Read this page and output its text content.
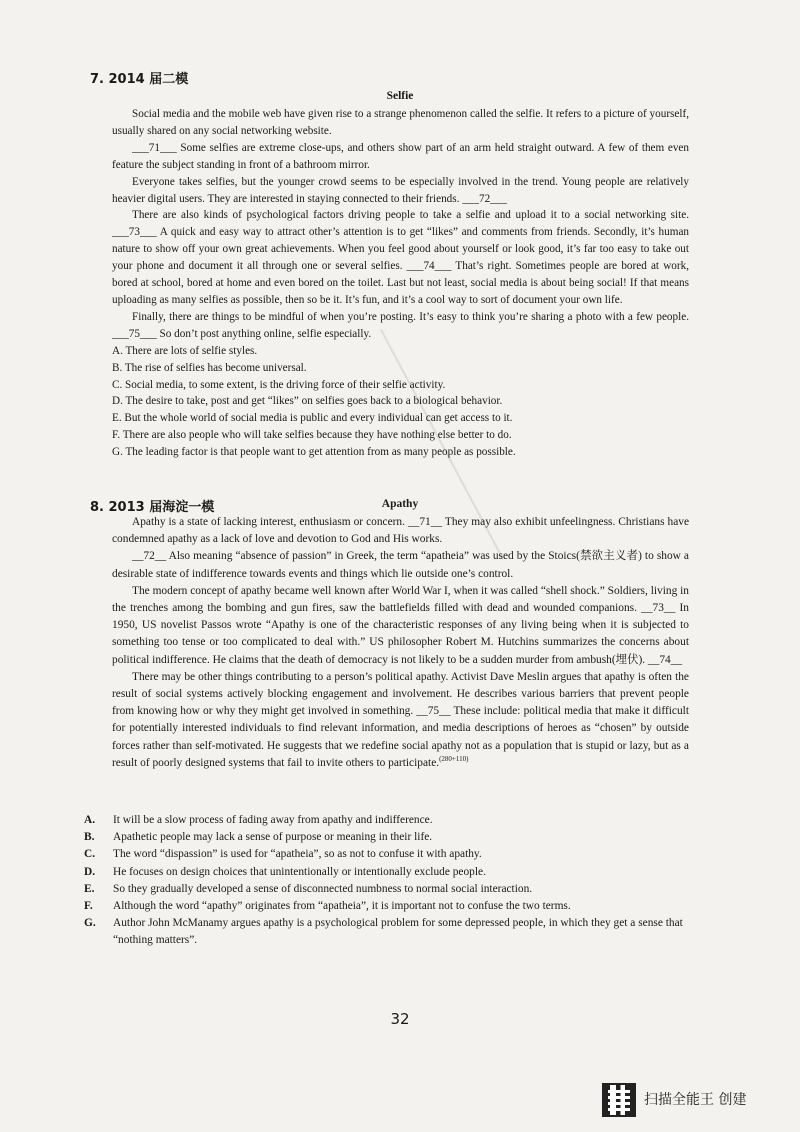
7. 2014 届二模
Selfie

Social media and the mobile web have given rise to a strange phenomenon called the selfie. It refers to a picture of yourself, usually shared on any social networking website.

___71___ Some selfies are extreme close-ups, and others show part of an arm held straight outward. A few of them even feature the subject standing in front of a bathroom mirror.

Everyone takes selfies, but the younger crowd seems to be especially involved in the trend. Young people are relatively heavier digital users. They are interested in staying connected to their friends. ___72___

There are also kinds of psychological factors driving people to take a selfie and upload it to a social networking site. ___73___ A quick and easy way to attract other’s attention is to get “likes” and comments from friends. Secondly, it’s human nature to show off your own great achievements. When you feel good about yourself or look good, it’s far too easy to take out your phone and document it all through one or several selfies. ___74___ That’s right. Sometimes people are bored at work, bored at school, bored at home and even bored on the toilet. Last but not least, social media is about being social! If that means uploading as many selfies as possible, then so be it. It’s fun, and it’s a cool way to sort of document your own life.

Finally, there are things to be mindful of when you’re posting. It’s easy to think you’re sharing a photo with a few people. ___75___ So don’t post anything online, selfie especially.

A. There are lots of selfie styles.

B. The rise of selfies has become universal.

C. Social media, to some extent, is the driving force of their selfie activity.

D. The desire to take, post and get “likes” on selfies goes back to a biological behavior.

E. But the whole world of social media is public and every individual can get access to it.

F. There are also people who will take selfies because they have nothing else better to do.

G. The leading factor is that people want to get attention from as many people as possible.

8. 2013 届海淀一模	Apathy

Apathy is a state of lacking interest, enthusiasm or concern. __71__ They may also exhibit unfeelingness. Christians have condemned apathy as a lack of love and devotion to God and His works.

__72__ Also meaning “absence of passion” in Greek, the term “apatheia” was used by the Stoics(禁欲主义者) to show a desirable state of indifference towards events and things which lie outside one’s control.

The modern concept of apathy became well known after World War I, when it was called “shell shock.” Soldiers, living in the trenches among the bombing and gun fires, saw the battlefields filled with dead and wounded companions. __73__ In 1950, US novelist Passos wrote “Apathy is one of the characteristic responses of any living being when it is subjected to something too tense or too complicated to deal with.” US philosopher Robert M. Hutchins summarizes the concerns about political indifference. He claims that the death of democracy is not likely to be a sudden murder from ambush(埋伏). __74__

There may be other things contributing to a person’s political apathy. Activist Dave Meslin argues that apathy is often the result of social systems actively blocking engagement and involvement. He describes various barriers that prevent people from knowing how or why they might get involved in something. __75__ These include: political media that make it difficult for potentially interested individuals to find relevant information, and media descriptions of heroes as “chosen” by outside forces rather than self-motivated. He suggests that we redefine social apathy not as a population that is stupid or lazy, but as a result of poorly designed systems that fail to invite others to participate.$^{(280+110)}$

A.	It will be a slow process of fading away from apathy and indifference.

B.	Apathetic people may lack a sense of purpose or meaning in their life.

C.	The word “dispassion” is used for “apatheia”, so as not to confuse it with apathy.

D.	He focuses on design choices that unintentionally or intentionally exclude people.

E.	So they gradually developed a sense of disconnected numbness to normal social interaction.

F.	Although the word “apathy” originates from “apatheia”, it is important not to confuse the two terms.

G.	Author John McManamy argues apathy is a psychological problem for some depressed people, in which they get a sense that “nothing matters”.

32
扫描全能王 创建
